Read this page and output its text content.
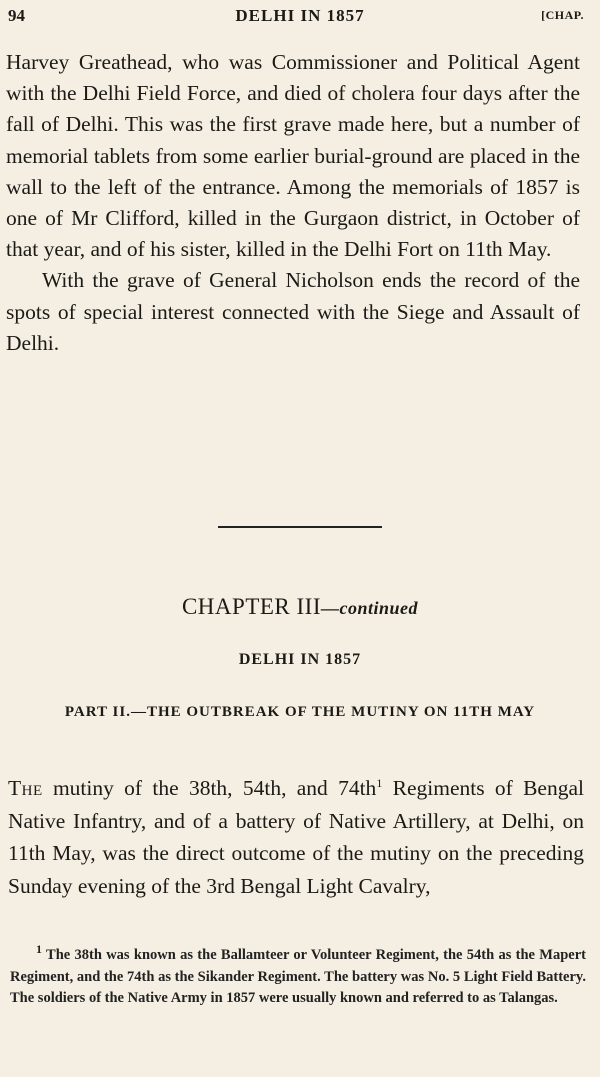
94	DELHI IN 1857	[CHAP.

Harvey Greathead, who was Commissioner and Political Agent with the Delhi Field Force, and died of cholera four days after the fall of Delhi. This was the first grave made here, but a number of memorial tablets from some earlier burial-ground are placed in the wall to the left of the entrance. Among the memorials of 1857 is one of Mr Clifford, killed in the Gurgaon district, in October of that year, and of his sister, killed in the Delhi Fort on 11th May.

With the grave of General Nicholson ends the record of the spots of special interest connected with the Siege and Assault of Delhi.

CHAPTER III—continued
DELHI IN 1857
PART II.—THE OUTBREAK OF THE MUTINY ON 11TH MAY

The mutiny of the 38th, 54th, and $74th^1$ Regiments of Bengal Native Infantry, and of a battery of Native Artillery, at Delhi, on 11th May, was the direct outcome of the mutiny on the preceding Sunday evening of the 3rd Bengal Light Cavalry,

$^1$ The 38th was known as the Ballamteer or Volunteer Regiment, the 54th as the Mapert Regiment, and the 74th as the Sikander Regiment. The battery was No. 5 Light Field Battery. The soldiers of the Native Army in 1857 were usually known and referred to as Talangas.
